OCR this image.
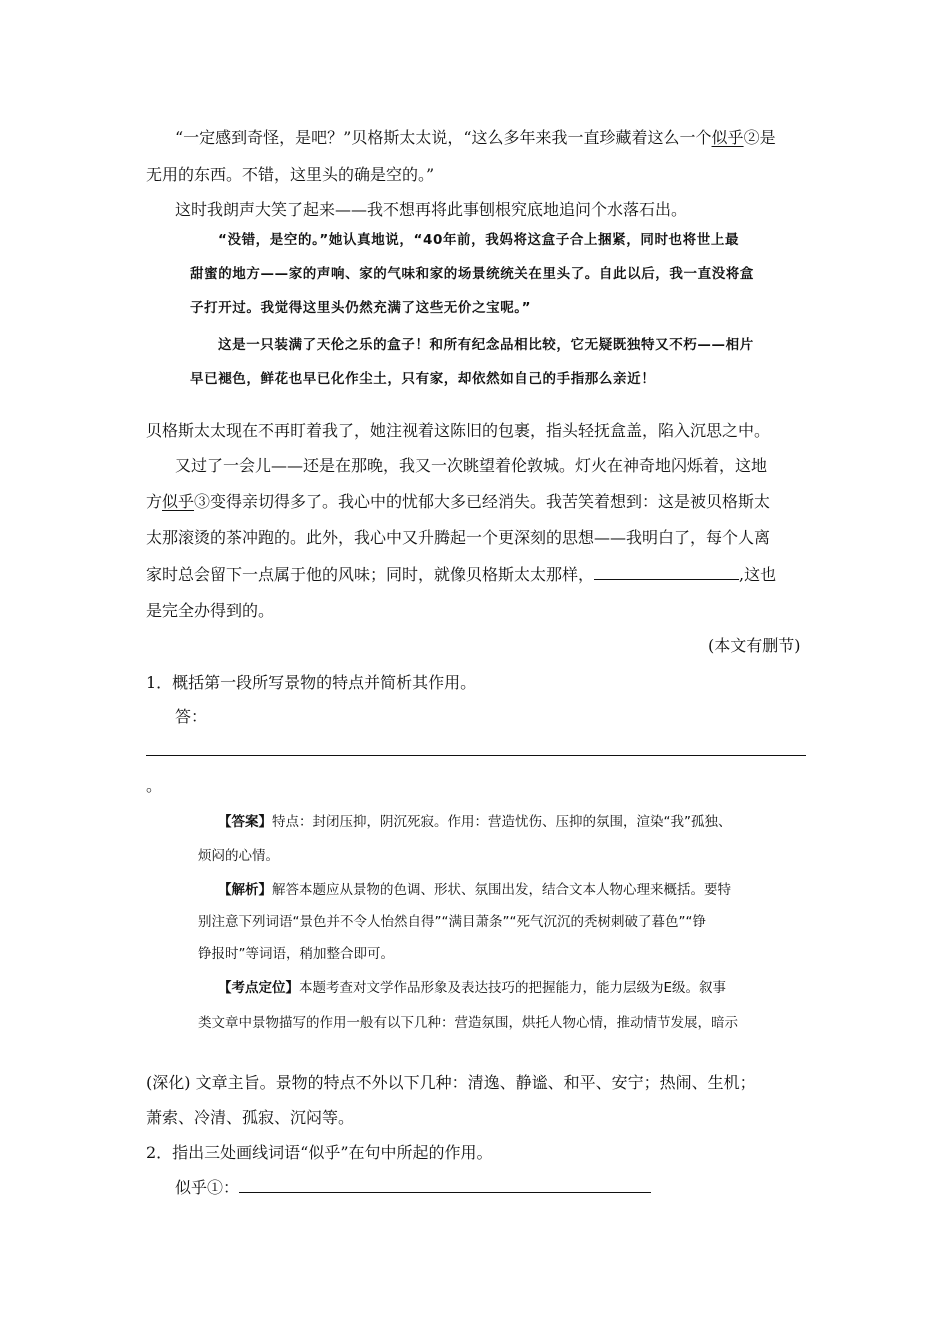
“一定感到奇怪，是吧？”贝格斯太太说，“这么多年来我一直珍藏着这么一个似乎②是
无用的东西。不错，这里头的确是空的。”
这时我朗声大笑了起来——我不想再将此事刨根究底地追问个水落石出。
“没错，是空的。”她认真地说，“40年前，我妈将这盒子合上捆紧，同时也将世上最
甜蜜的地方——家的声响、家的气味和家的场景统统关在里头了。自此以后，我一直没将盒
子打开过。我觉得这里头仍然充满了这些无价之宝呢。”
这是一只装满了天伦之乐的盒子！和所有纪念品相比较，它无疑既独特又不朽——相片
早已褪色，鲜花也早已化作尘土，只有家，却依然如自己的手指那么亲近！
贝格斯太太现在不再盯着我了，她注视着这陈旧的包裹，指头轻抚盒盖，陷入沉思之中。
又过了一会儿——还是在那晚，我又一次眺望着伦敦城。灯火在神奇地闪烁着，这地
方似乎③变得亲切得多了。我心中的忧郁大多已经消失。我苦笑着想到：这是被贝格斯太
太那滚烫的茶冲跑的。此外，我心中又升腾起一个更深刻的思想——我明白了，每个人离
家时总会留下一点属于他的风味；同时，就像贝格斯太太那样，	,这也
是完全办得到的。
(本文有删节)
1．概括第一段所写景物的特点并简析其作用。
答：
。
【答案】特点：封闭压抑，阴沉死寂。作用：营造忧伤、压抑的氛围，渲染“我”孤独、
烦闷的心情。
【解析】解答本题应从景物的色调、形状、氛围出发，结合文本人物心理来概括。要特
别注意下列词语“景色并不令人怡然自得”“满目萧条”“死气沉沉的秃树刺破了暮色”“铮
铮报时”等词语，稍加整合即可。
【考点定位】本题考查对文学作品形象及表达技巧的把握能力，能力层级为E级。叙事
类文章中景物描写的作用一般有以下几种：营造氛围，烘托人物心情，推动情节发展，暗示
(深化) 文章主旨。景物的特点不外以下几种：清逸、静谧、和平、安宁；热闹、生机；
萧索、冷清、孤寂、沉闷等。
2．指出三处画线词语“似乎”在句中所起的作用。
似乎①：
